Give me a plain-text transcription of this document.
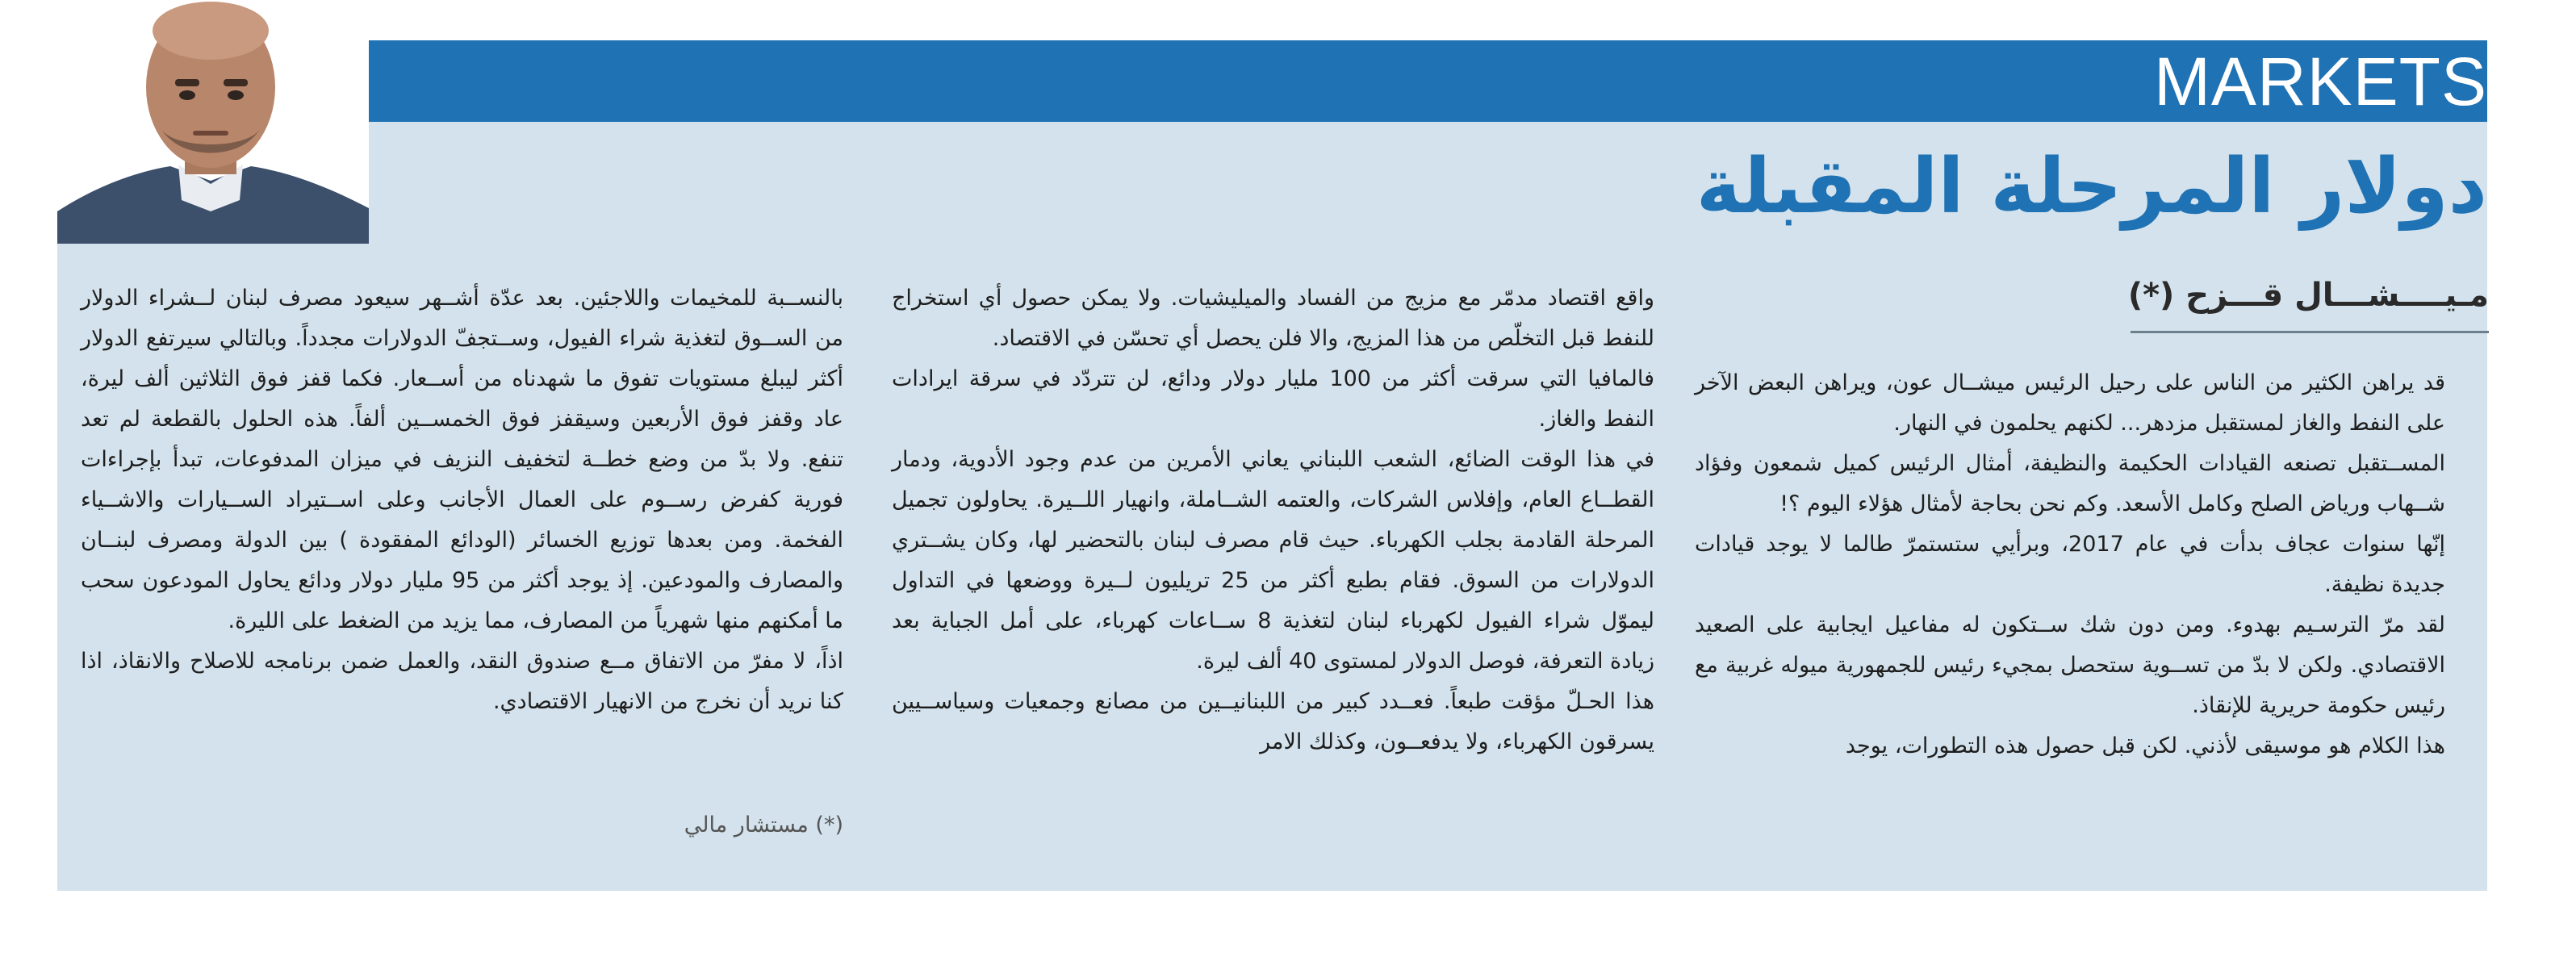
MARKETS
دولار المرحلة المقبلة
مـيــــشـــال قـــزح (*)

قد يراهن الكثير من الناس على رحيل الرئيس ميشــال عون، ويراهن البعض الآخر على النفط والغاز لمستقبل مزدهر... لكنهم يحلمون في النهار.

المســتقبل تصنعه القيادات الحكيمة والنظيفة، أمثال الرئيس كميل شمعون وفؤاد شــهاب ورياض الصلح وكامل الأسعد. وكم نحن بحاجة لأمثال هؤلاء اليوم ؟!

إنّها سنوات عجاف بدأت في عام 2017، وبرأيي ستستمرّ طالما لا يوجد قيادات جديدة نظيفة.

لقد مرّ الترسـيم بهدوء. ومن دون شك ســتكون له مفاعيل ايجابية على الصعيد الاقتصادي. ولكن لا بدّ من تســوية ستحصل بمجيء رئيس للجمهورية ميوله غربية مع رئيس حكومة حريرية للإنقاذ.

هذا الكلام هو موسيقى لأذني. لكن قبل حصول هذه التطورات، يوجد

واقع اقتصاد مدمّر مع مزيج من الفساد والميليشيات. ولا يمكن حصول أي استخراج للنفط قبل التخلّص من هذا المزيج، والا فلن يحصل أي تحسّن في الاقتصاد.

فالمافيا التي سرقت أكثر من 100 مليار دولار ودائع، لن تتردّد في سرقة ايرادات النفط والغاز.

في هذا الوقت الضائع، الشعب اللبناني يعاني الأمرين من عدم وجود الأدوية، ودمار القطــاع العام، وإفلاس الشركات، والعتمه الشــاملة، وانهيار اللــيرة. يحاولون تجميل المرحلة القادمة بجلب الكهرباء. حيث قام مصرف لبنان بالتحضير لها، وكان يشــتري الدولارات من السوق. فقام بطبع أكثر من 25 تريليون لــيرة ووضعها في التداول ليموّل شراء الفيول لكهرباء لبنان لتغذية 8 ســاعات كهرباء، على أمل الجباية بعد زيادة التعرفة، فوصل الدولار لمستوى 40 ألف ليرة.

هذا الحـلّ مؤقت طبعاً. فعــدد كبير من اللبنانيــين من مصانع وجمعيات وسياســيين يسرقون الكهرباء، ولا يدفعــون، وكذلك الامر

بالنســبة للمخيمات واللاجئين. بعد عدّة أشــهر سيعود مصرف لبنان لــشراء الدولار من الســوق لتغذية شراء الفيول، وســتجفّ الدولارات مجدداً. وبالتالي سيرتفع الدولار أكثر ليبلغ مستويات تفوق ما شهدناه من أســعار. فكما قفز فوق الثلاثين ألف ليرة، عاد وقفز فوق الأربعين وسيقفز فوق الخمســين ألفاً. هذه الحلول بالقطعة لم تعد تنفع. ولا بدّ من وضع خطــة لتخفيف النزيف في ميزان المدفوعات، تبدأ بإجراءات فورية كفرض رســوم على العمال الأجانب وعلى اســتيراد الســيارات والاشــياء الفخمة. ومن بعدها توزيع الخسائر (الودائع المفقودة ) بين الدولة ومصرف لبنــان والمصارف والمودعين. إذ يوجد أكثر من 95 مليار دولار ودائع يحاول المودعون سحب ما أمكنهم منها شهرياً من المصارف، مما يزيد من الضغط على الليرة.

اذاً، لا مفرّ من الاتفاق مــع صندوق النقد، والعمل ضمن برنامجه للاصلاح والانقاذ، اذا كنا نريد أن نخرج من الانهيار الاقتصادي.

(*) مستشار مالي
